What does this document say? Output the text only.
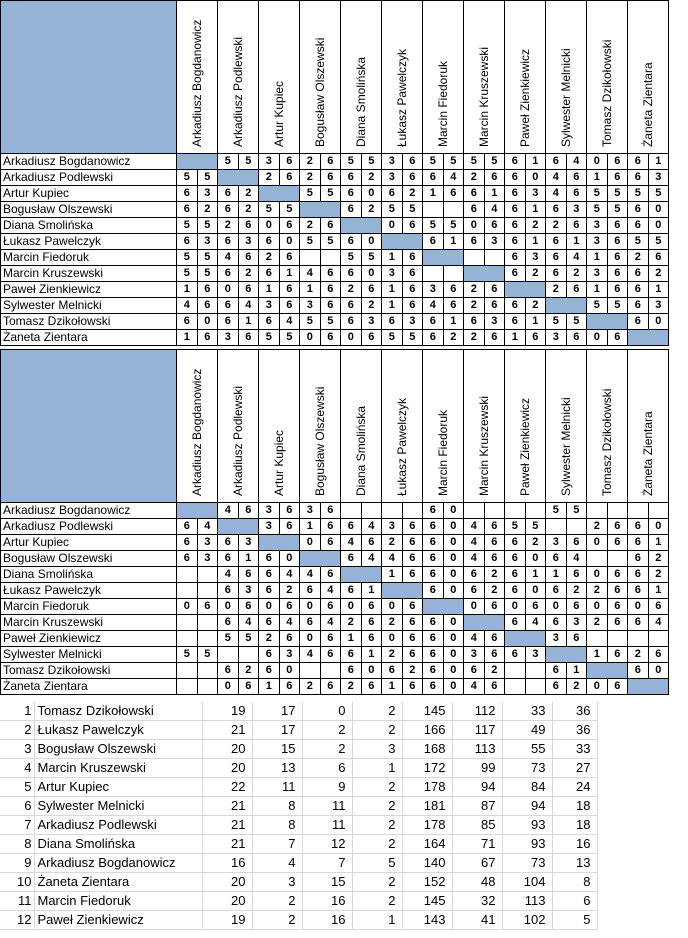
	Arkadiusz Bogdanowicz		Arkadiusz Podlewski		Artur Kupiec		Bogusław Olszewski		Diana Smolińska		Łukasz Pawelczyk		Marcin Fiedoruk		Marcin Kruszewski		Paweł Zienkiewicz		Sylwester Melnicki		Tomasz Dzikołowski		Żaneta Zientara	

Arkadiusz Bogdanowicz			5	5	3	6	2	6	5	5	3	6	5	5	5	5	6	1	6	4	0	6	6	1
Arkadiusz Podlewski	5	5			2	6	2	6	6	2	3	6	6	4	2	6	6	0	4	6	1	6	6	3
Artur Kupiec	6	3	6	2			5	5	6	0	6	2	1	6	6	1	6	3	4	6	5	5	5	5
Bogusław Olszewski	6	2	6	2	5	5			6	2	5	5			6	4	6	1	6	3	5	5	6	0
Diana Smolińska	5	5	2	6	0	6	2	6			0	6	5	5	0	6	6	2	2	6	3	6	6	0
Łukasz Pawelczyk	6	3	6	3	6	0	5	5	6	0			6	1	6	3	6	1	6	1	3	6	5	5
Marcin Fiedoruk	5	5	4	6	2	6			5	5	1	6					6	3	6	4	1	6	2	6
Marcin Kruszewski	5	5	6	2	6	1	4	6	6	0	3	6					6	2	6	2	3	6	6	2
Paweł Zienkiewicz	1	6	0	6	1	6	1	6	2	6	1	6	3	6	2	6			2	6	1	6	6	1
Sylwester Melnicki	4	6	6	4	3	6	3	6	6	2	1	6	4	6	2	6	6	2			5	5	6	3
Tomasz Dzikołowski	6	0	6	1	6	4	5	5	6	3	6	3	6	1	6	3	6	1	5	5			6	0
Żaneta Zientara	1	6	3	6	5	5	0	6	0	6	5	5	6	2	2	6	1	6	3	6	0	6		

	Arkadiusz Bogdanowicz		Arkadiusz Podlewski		Artur Kupiec		Bogusław Olszewski		Diana Smolińska		Łukasz Pawelczyk		Marcin Fiedoruk		Marcin Kruszewski		Paweł Zienkiewicz		Sylwester Melnicki		Tomasz Dzikołowski		Żaneta Zientara	

Arkadiusz Bogdanowicz			4	6	3	6	3	6					6	0					5	5				
Arkadiusz Podlewski	6	4			3	6	1	6	6	4	3	6	6	0	4	6	5	5			2	6	6	0
Artur Kupiec	6	3	6	3			0	6	4	6	2	6	6	0	4	6	6	2	3	6	0	6	6	1
Bogusław Olszewski	6	3	6	1	6	0			6	4	4	6	6	0	4	6	6	0	6	4			6	2
Diana Smolińska			4	6	6	4	4	6			1	6	6	0	6	2	6	1	1	6	0	6	6	2
Łukasz Pawelczyk			6	3	6	2	6	4	6	1			6	0	6	2	6	0	6	2	2	6	6	1
Marcin Fiedoruk	0	6	0	6	0	6	0	6	0	6	0	6			0	6	0	6	0	6	0	6	0	6
Marcin Kruszewski			6	4	6	4	6	4	2	6	2	6	6	0			6	4	6	3	2	6	6	4
Paweł Zienkiewicz			5	5	2	6	0	6	1	6	0	6	6	0	4	6			3	6				
Sylwester Melnicki	5	5			6	3	4	6	6	1	2	6	6	0	3	6	6	3			1	6	2	6
Tomasz Dzikołowski			6	2	6	0			6	0	6	2	6	0	6	2			6	1			6	0
Żaneta Zientara			0	6	1	6	2	6	2	6	1	6	6	0	4	6			6	2	0	6		
1	Tomasz Dzikołowski	19	17	0	2	145	112	33	36
2	Łukasz Pawelczyk	21	17	2	2	166	117	49	36
3	Bogusław Olszewski	20	15	2	3	168	113	55	33
4	Marcin Kruszewski	20	13	6	1	172	99	73	27
5	Artur Kupiec	22	11	9	2	178	94	84	24
6	Sylwester Melnicki	21	8	11	2	181	87	94	18
7	Arkadiusz Podlewski	21	8	11	2	178	85	93	18
8	Diana Smolińska	21	7	12	2	164	71	93	16
9	Arkadiusz Bogdanowicz	16	4	7	5	140	67	73	13
10	Żaneta Zientara	20	3	15	2	152	48	104	8
11	Marcin Fiedoruk	20	2	16	2	145	32	113	6
12	Paweł Zienkiewicz	19	2	16	1	143	41	102	5
